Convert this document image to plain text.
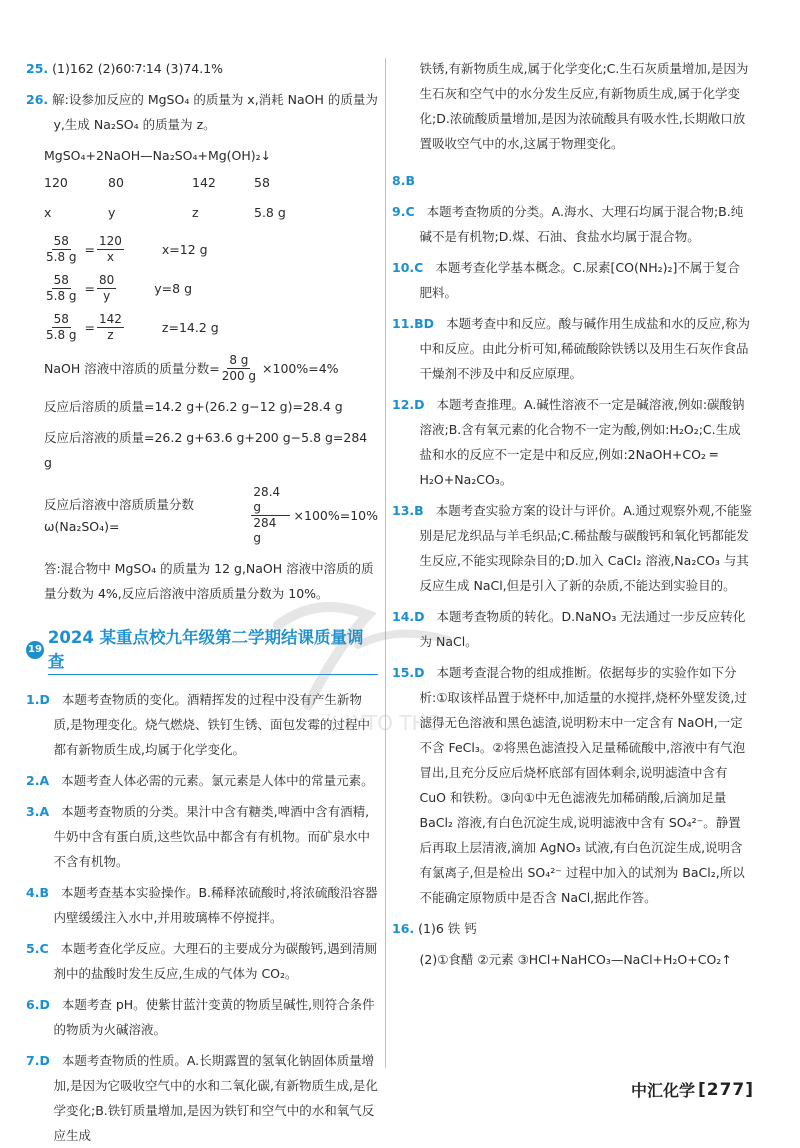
25. (1)162 (2)60∶7∶14 (3)74.1%

26. 解:设参加反应的 MgSO₄ 的质量为 x,消耗 NaOH 的质量为 y,生成 Na₂SO₄ 的质量为 z。

MgSO₄+2NaOH—Na₂SO₄+Mg(OH)₂↓

120	80	142	58
x	y	z	5.8 g
$\frac{58}{5.8 g} = \frac{120}{x}$	x=12 g
$\frac{58}{5.8 g} = \frac{80}{y}$	y=8 g
$\frac{58}{5.8 g} = \frac{142}{z}$	z=14.2 g
NaOH 溶液中溶质的质量分数= $\frac{8 g}{200 g} \times 100\%=4\%$

反应后溶质的质量=14.2 g+(26.2 g−12 g)=28.4 g

反应后溶液的质量=26.2 g+63.6 g+200 g−5.8 g=284 g

反应后溶液中溶质质量分数 ω(Na₂SO₄)=	$\frac{28.4 g}{284 g} \times 100\%=10\%$

答:混合物中 MgSO₄ 的质量为 12 g,NaOH 溶液中溶质的质量分数为 4%,反应后溶液中溶质质量分数为 10%。

19
2024 某重点校九年级第二学期结课质量调查

1.D 本题考查物质的变化。酒精挥发的过程中没有产生新物质,是物理变化。烧气燃烧、铁钉生锈、面包发霉的过程中都有新物质生成,均属于化学变化。

2.A 本题考查人体必需的元素。氯元素是人体中的常量元素。

3.A 本题考查物质的分类。果汁中含有糖类,啤酒中含有酒精,牛奶中含有蛋白质,这些饮品中都含有有机物。而矿泉水中不含有机物。

4.B 本题考查基本实验操作。B.稀释浓硫酸时,将浓硫酸沿容器内壁缓缓注入水中,并用玻璃棒不停搅拌。

5.C 本题考查化学反应。大理石的主要成分为碳酸钙,遇到清厕剂中的盐酸时发生反应,生成的气体为 CO₂。

6.D 本题考查 pH。使紫甘蓝汁变黄的物质呈碱性,则符合条件的物质为火碱溶液。

7.D 本题考查物质的性质。A.长期露置的氢氧化钠固体质量增加,是因为它吸收空气中的水和二氧化碳,有新物质生成,是化学变化;B.铁钉质量增加,是因为铁钉和空气中的水和氧气反应生成

铁锈,有新物质生成,属于化学变化;C.生石灰质量增加,是因为生石灰和空气中的水分发生反应,有新物质生成,属于化学变化;D.浓硫酸质量增加,是因为浓硫酸具有吸水性,长期敞口放置吸收空气中的水,这属于物理变化。

8.B

9.C 本题考查物质的分类。A.海水、大理石均属于混合物;B.纯碱不是有机物;D.煤、石油、食盐水均属于混合物。

10.C 本题考查化学基本概念。C.尿素[CO(NH₂)₂]不属于复合肥料。

11.BD 本题考查中和反应。酸与碱作用生成盐和水的反应,称为中和反应。由此分析可知,稀硫酸除铁锈以及用生石灰作食品干燥剂不涉及中和反应原理。

12.D 本题考查推理。A.碱性溶液不一定是碱溶液,例如:碳酸钠溶液;B.含有氧元素的化合物不一定为酸,例如:H₂O₂;C.生成盐和水的反应不一定是中和反应,例如:2NaOH+CO₂ ═ H₂O+Na₂CO₃。

13.B 本题考查实验方案的设计与评价。A.通过观察外观,不能鉴别是尼龙织品与羊毛织品;C.稀盐酸与碳酸钙和氧化钙都能发生反应,不能实现除杂目的;D.加入 CaCl₂ 溶液,Na₂CO₃ 与其反应生成 NaCl,但是引入了新的杂质,不能达到实验目的。

14.D 本题考查物质的转化。D.NaNO₃ 无法通过一步反应转化为 NaCl。

15.D 本题考查混合物的组成推断。依据每步的实验作如下分析:①取该样品置于烧杯中,加适量的水搅拌,烧杯外壁发烫,过滤得无色溶液和黑色滤渣,说明粉末中一定含有 NaOH,一定不含 FeCl₃。②将黑色滤渣投入足量稀硫酸中,溶液中有气泡冒出,且充分反应后烧杯底部有固体剩余,说明滤渣中含有 CuO 和铁粉。③向①中无色滤液先加稀硝酸,后滴加足量 BaCl₂ 溶液,有白色沉淀生成,说明滤液中含有 SO₄²⁻。静置后再取上层清液,滴加 AgNO₃ 试液,有白色沉淀生成,说明含有氯离子,但是检出 SO₄²⁻ 过程中加入的试剂为 BaCl₂,所以不能确定原物质中是否含 NaCl,据此作答。

16. (1)6 铁 钙

(2)①食醋 ②元素 ③HCl+NaHCO₃—NaCl+H₂O+CO₂↑

飞 LYTO THO
中汇化学 [277]
